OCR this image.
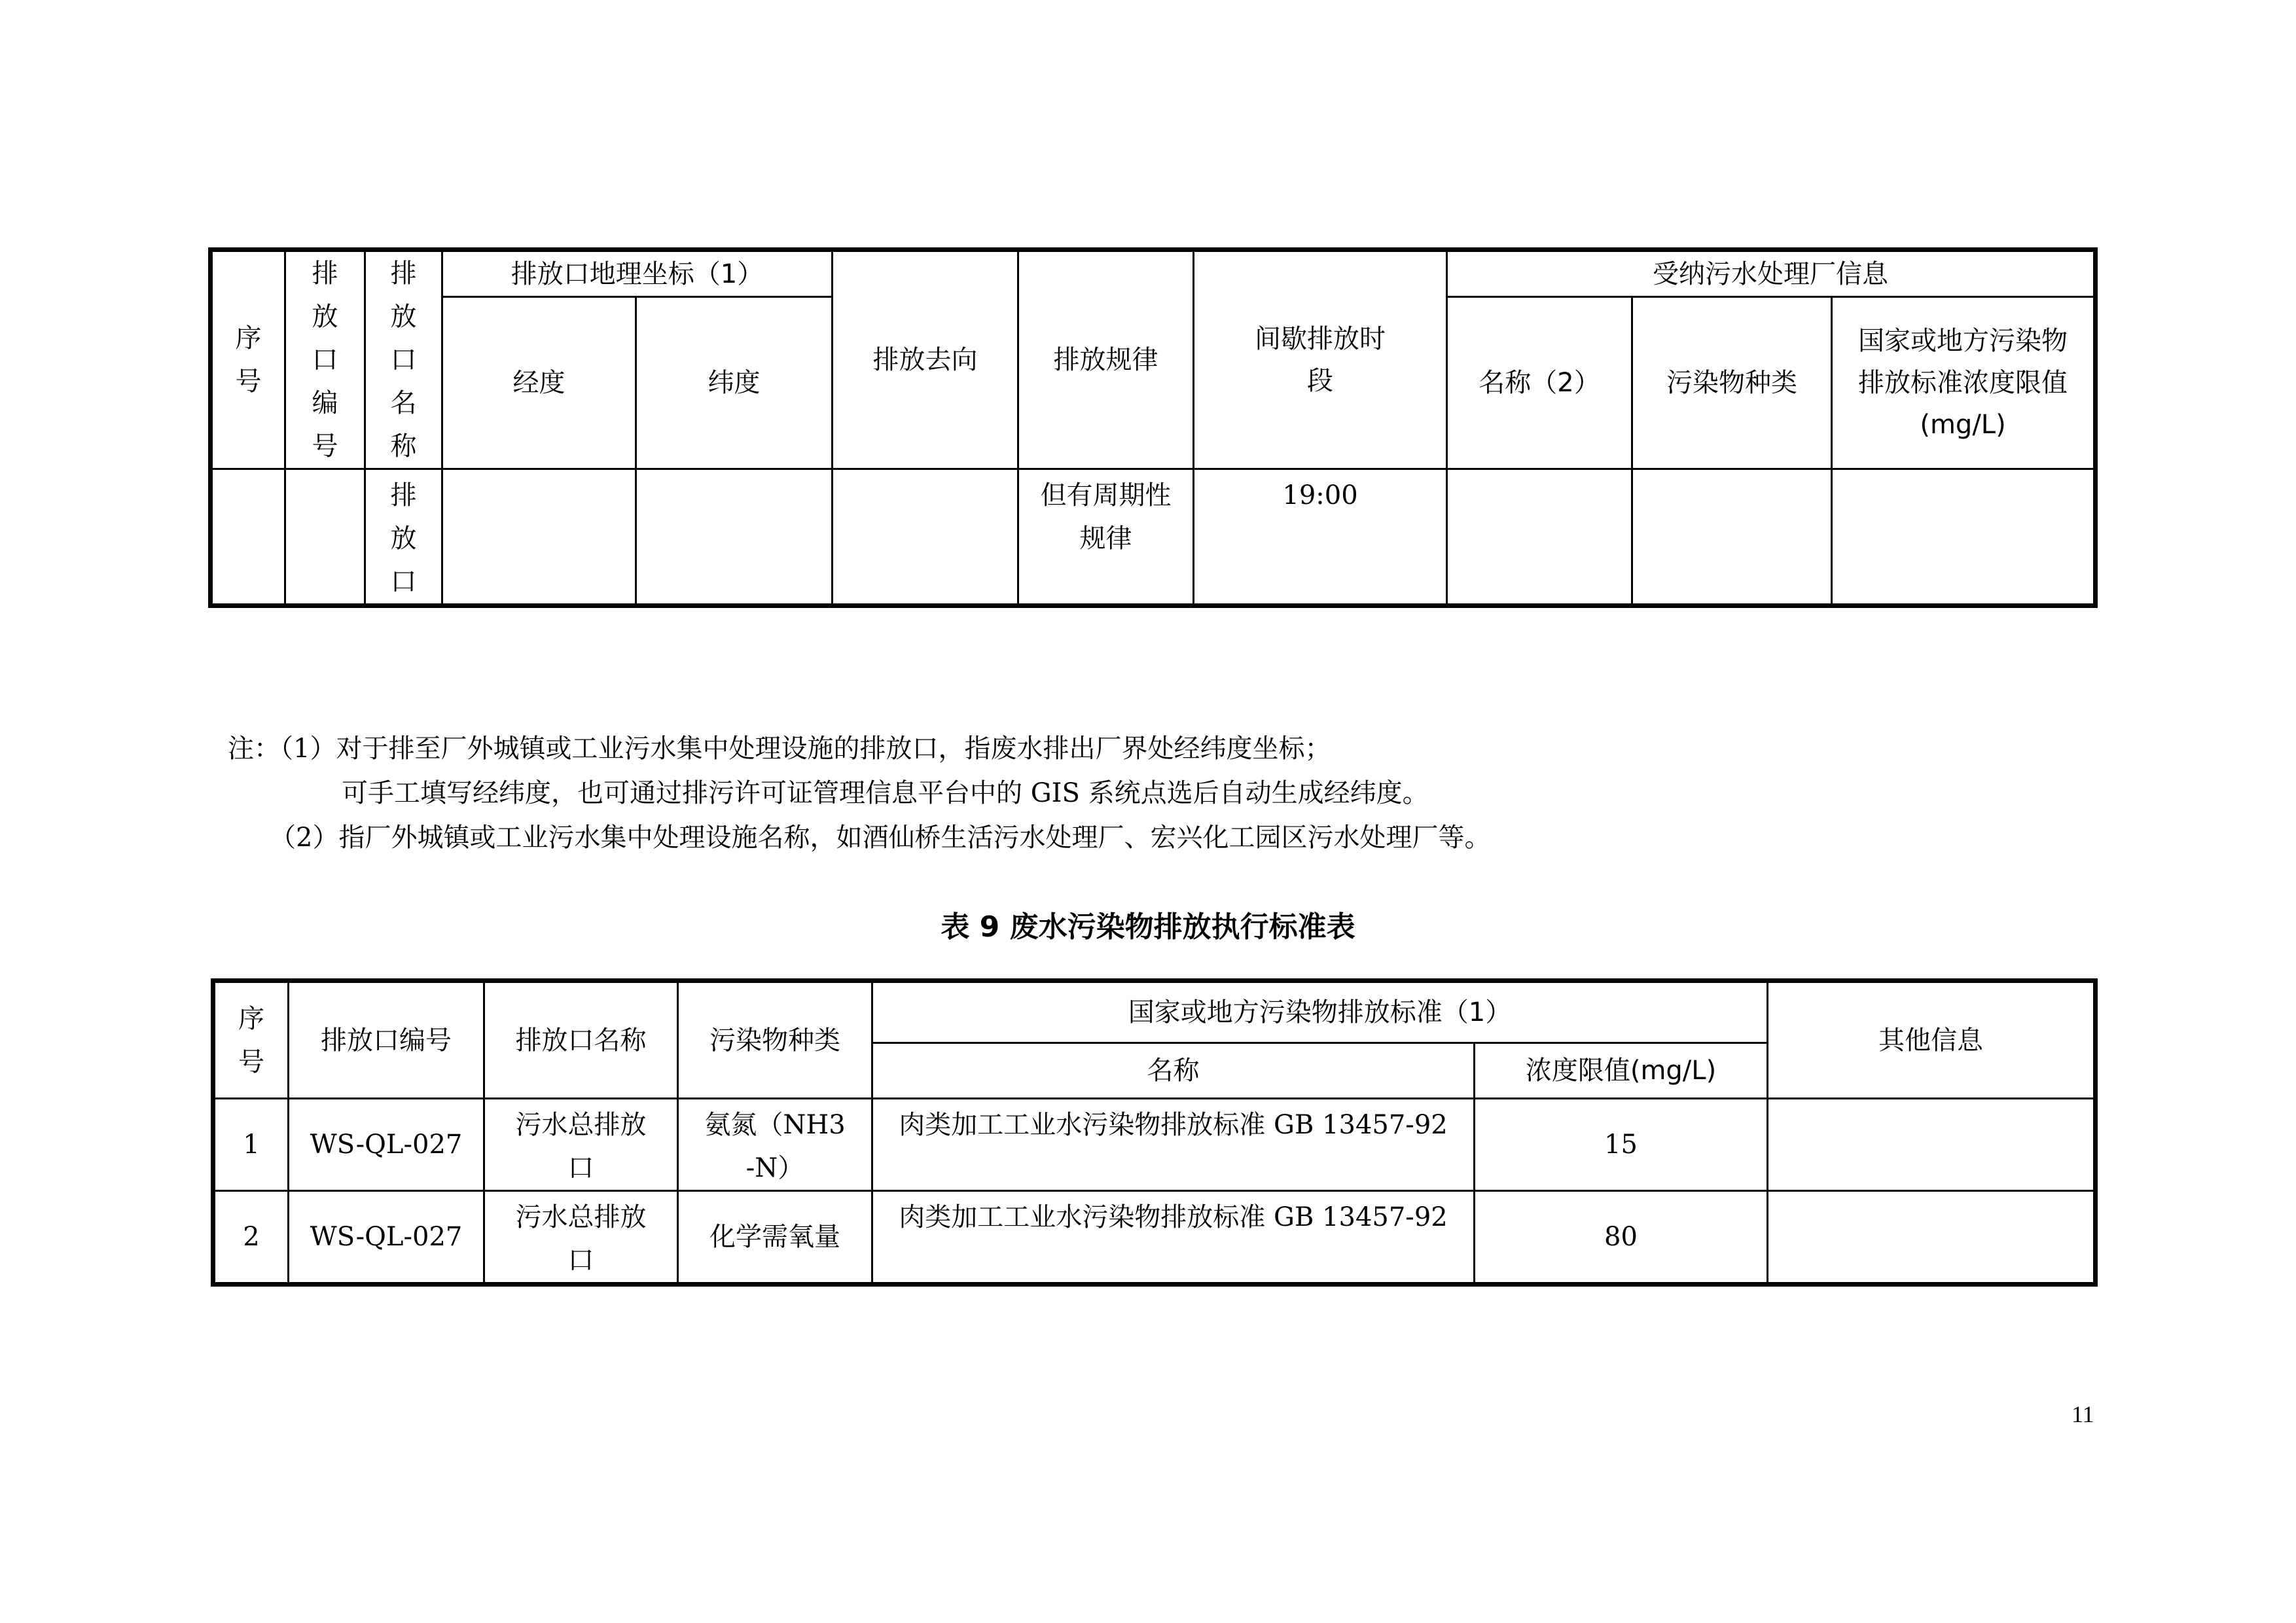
序号	排放口编号	排放口名称	排放口地理坐标（1）		排放去向	排放规律	间歇排放时段	受纳污水处理厂信息		
			经度	纬度				名称（2）	污染物种类	国家或地方污染物
排放标准浓度限值
(mg/L)

		排放口				但有周期性规律	19:00			
注：（1）对于排至厂外城镇或工业污水集中处理设施的排放口，指废水排出厂界处经纬度坐标；
可手工填写经纬度，也可通过排污许可证管理信息平台中的 GIS 系统点选后自动生成经纬度。
（2）指厂外城镇或工业污水集中处理设施名称，如酒仙桥生活污水处理厂、宏兴化工园区污水处理厂等。
表 9 废水污染物排放执行标准表
序号	排放口编号	排放口名称	污染物种类	国家或地方污染物排放标准（1）		其他信息
				名称	浓度限值(mg/L)	
1	WS-QL-027	污水总排放口	氨氮（NH3-N）	肉类加工工业水污染物排放标准 GB 13457-92	15	
2	WS-QL-027	污水总排放口	化学需氧量	肉类加工工业水污染物排放标准 GB 13457-92	80	
11
